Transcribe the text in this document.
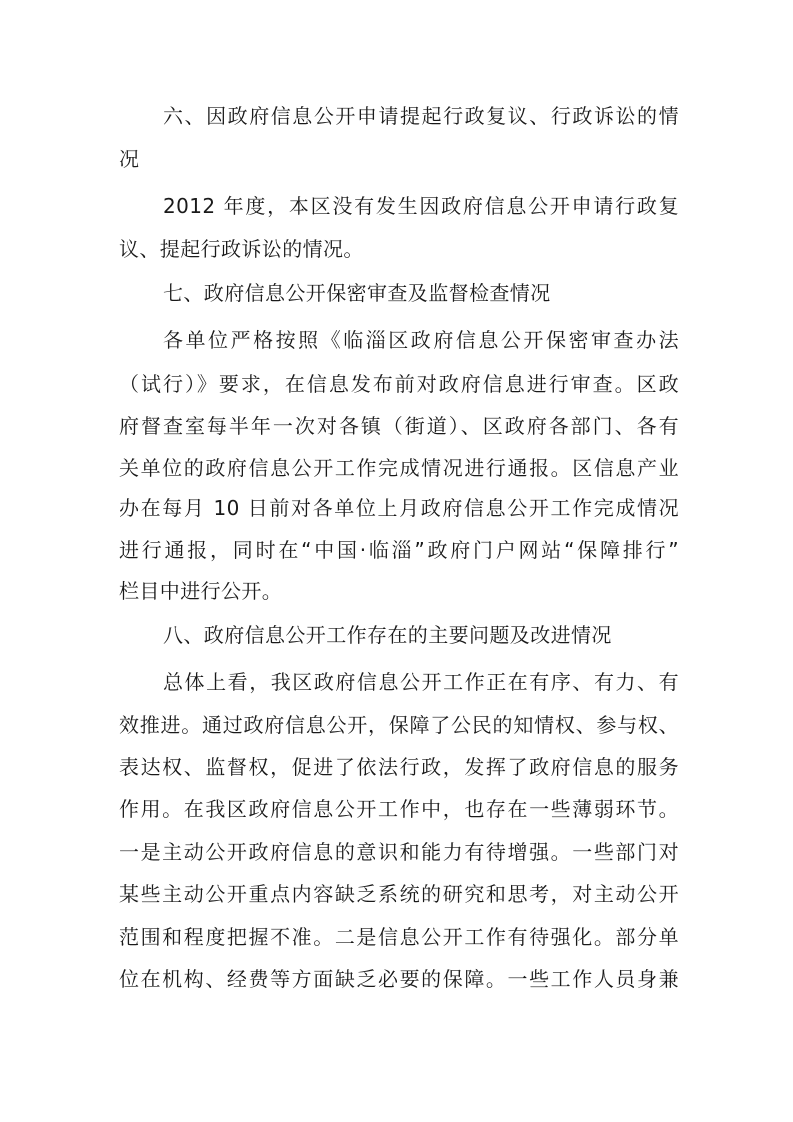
六、因政府信息公开申请提起行政复议、行政诉讼的情
况
2012 年度，本区没有发生因政府信息公开申请行政复
议、提起行政诉讼的情况。
七、政府信息公开保密审查及监督检查情况
各单位严格按照《临淄区政府信息公开保密审查办法
（试行）》要求，在信息发布前对政府信息进行审查。区政
府督查室每半年一次对各镇（街道）、区政府各部门、各有
关单位的政府信息公开工作完成情况进行通报。区信息产业
办在每月 10 日前对各单位上月政府信息公开工作完成情况
进行通报，同时在“中国·临淄”政府门户网站“保障排行”
栏目中进行公开。
八、政府信息公开工作存在的主要问题及改进情况
总体上看，我区政府信息公开工作正在有序、有力、有
效推进。通过政府信息公开，保障了公民的知情权、参与权、
表达权、监督权，促进了依法行政，发挥了政府信息的服务
作用。在我区政府信息公开工作中，也存在一些薄弱环节。
一是主动公开政府信息的意识和能力有待增强。一些部门对
某些主动公开重点内容缺乏系统的研究和思考，对主动公开
范围和程度把握不准。二是信息公开工作有待强化。部分单
位在机构、经费等方面缺乏必要的保障。一些工作人员身兼
